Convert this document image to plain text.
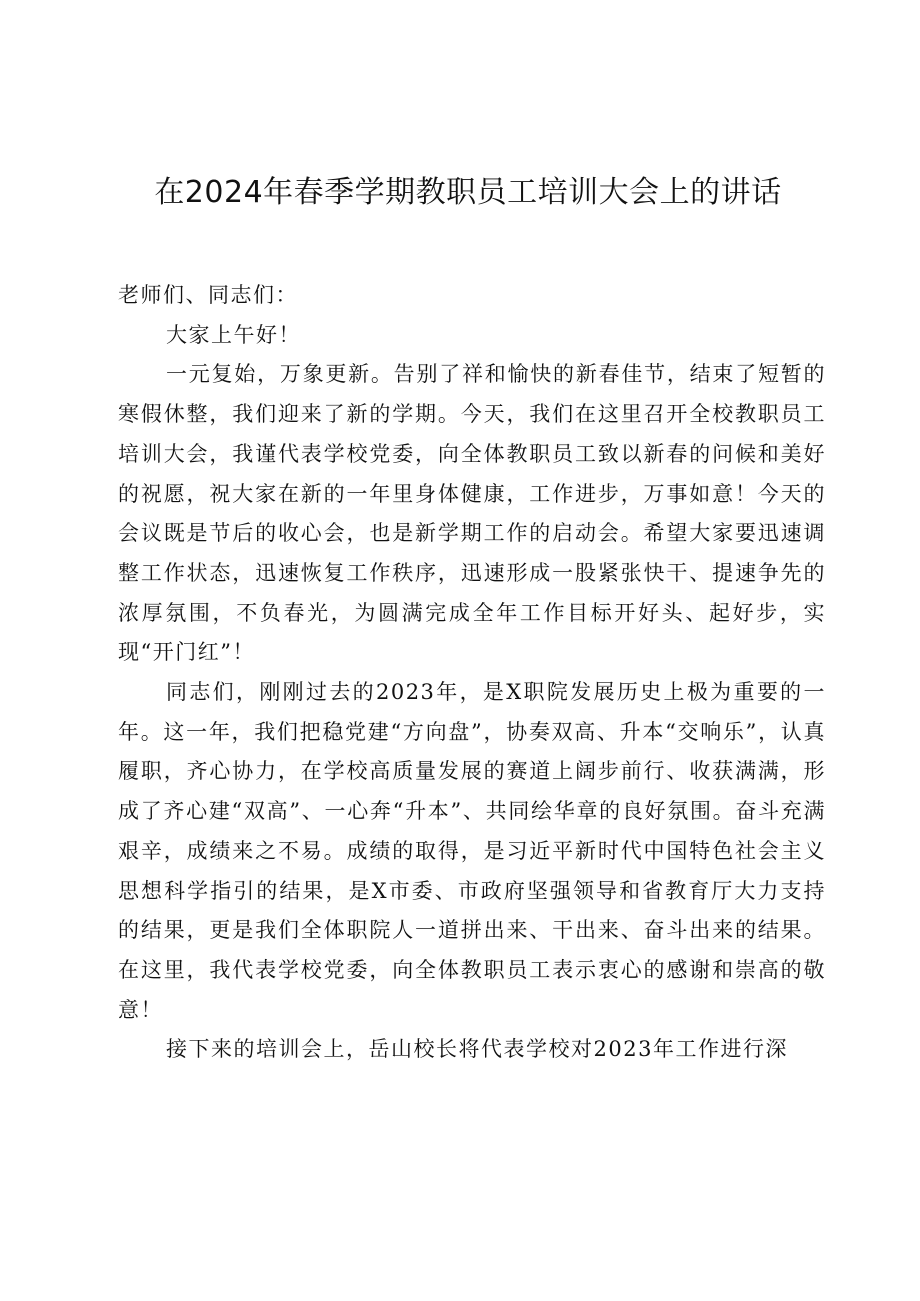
在2024年春季学期教职员工培训大会上的讲话

老师们、同志们：

大家上午好！

一元复始，万象更新。告别了祥和愉快的新春佳节，结束了短暂的寒假休整，我们迎来了新的学期。今天，我们在这里召开全校教职员工培训大会，我谨代表学校党委，向全体教职员工致以新春的问候和美好的祝愿，祝大家在新的一年里身体健康，工作进步，万事如意！今天的会议既是节后的收心会，也是新学期工作的启动会。希望大家要迅速调整工作状态，迅速恢复工作秩序，迅速形成一股紧张快干、提速争先的浓厚氛围，不负春光，为圆满完成全年工作目标开好头、起好步，实现“开门红”！

同志们，刚刚过去的2023年，是X职院发展历史上极为重要的一年。这一年，我们把稳党建“方向盘”，协奏双高、升本“交响乐”，认真履职，齐心协力，在学校高质量发展的赛道上阔步前行、收获满满，形成了齐心建“双高”、一心奔“升本”、共同绘华章的良好氛围。奋斗充满艰辛，成绩来之不易。成绩的取得，是习近平新时代中国特色社会主义思想科学指引的结果，是X市委、市政府坚强领导和省教育厅大力支持的结果，更是我们全体职院人一道拼出来、干出来、奋斗出来的结果。在这里，我代表学校党委，向全体教职员工表示衷心的感谢和崇高的敬意！

接下来的培训会上，岳山校长将代表学校对2023年工作进行深
